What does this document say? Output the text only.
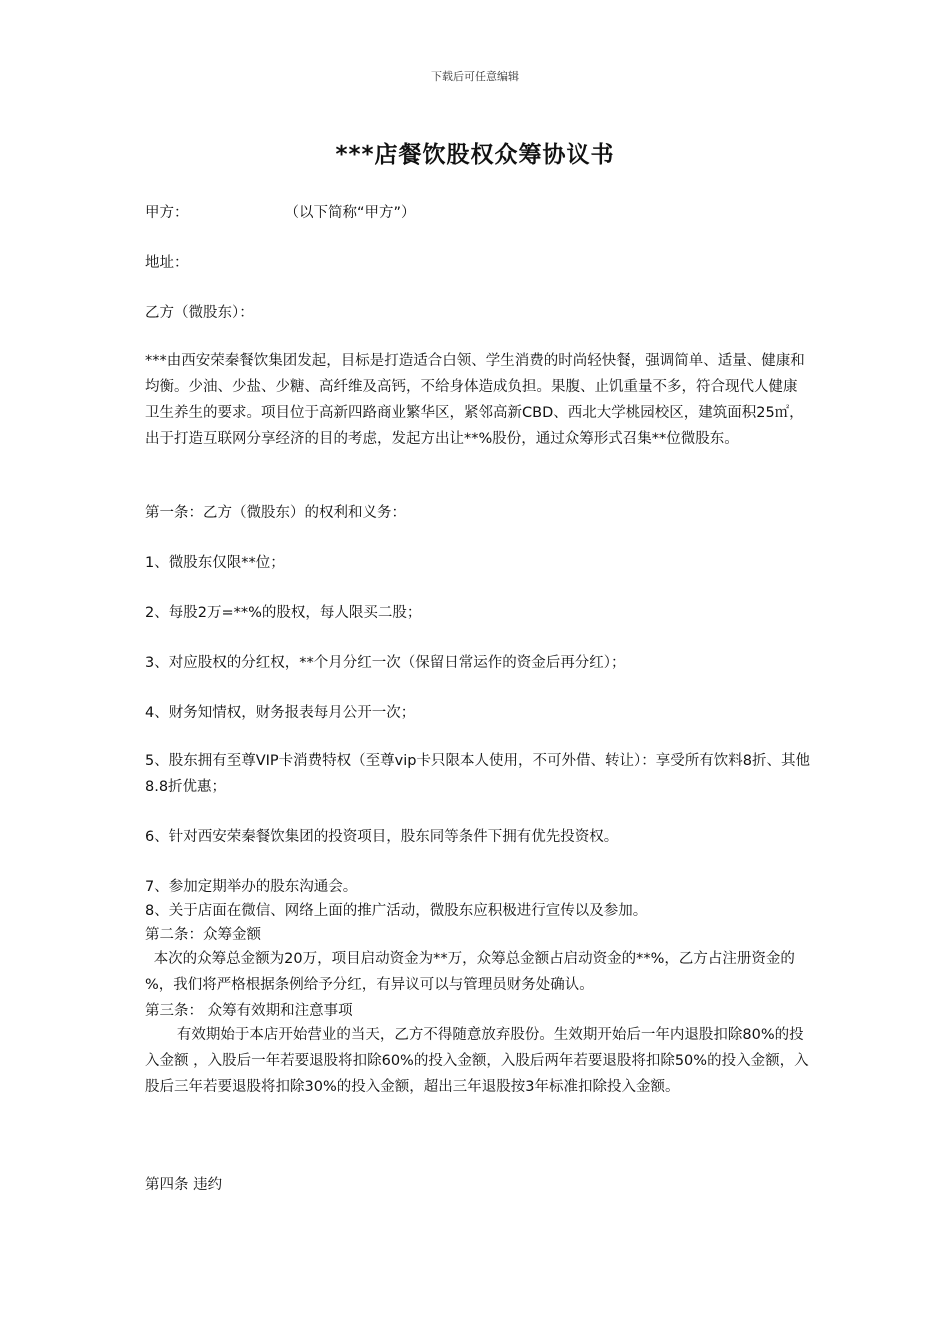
下载后可任意编辑
***店餐饮股权众筹协议书
甲方：	（以下简称“甲方”）
地址：
乙方（微股东）：
***由西安荣秦餐饮集团发起，目标是打造适合白领、学生消费的时尚轻快餐，强调简单、适量、健康和均衡。少油、少盐、少糖、高纤维及高钙，不给身体造成负担。果腹、止饥重量不多，符合现代人健康卫生养生的要求。项目位于高新四路商业繁华区，紧邻高新CBD、西北大学桃园校区，建筑面积25㎡，出于打造互联网分享经济的目的考虑，发起方出让**%股份，通过众筹形式召集**位微股东。
第一条：乙方（微股东）的权利和义务：
1、微股东仅限**位；
2、每股2万=**%的股权，每人限买二股；
3、对应股权的分红权，**个月分红一次（保留日常运作的资金后再分红）；
4、财务知情权，财务报表每月公开一次；
5、股东拥有至尊VIP卡消费特权（至尊vip卡只限本人使用，不可外借、转让）：享受所有饮料8折、其他8.8折优惠；
6、针对西安荣秦餐饮集团的投资项目，股东同等条件下拥有优先投资权。
7、参加定期举办的股东沟通会。
8、关于店面在微信、网络上面的推广活动，微股东应积极进行宣传以及参加。
第二条：众筹金额
本次的众筹总金额为20万，项目启动资金为**万，众筹总金额占启动资金的**%，乙方占注册资金的 %，我们将严格根据条例给予分红，有异议可以与管理员财务处确认。
第三条： 众筹有效期和注意事项
有效期始于本店开始营业的当天，乙方不得随意放弃股份。生效期开始后一年内退股扣除80%的投入金额 ，入股后一年若要退股将扣除60%的投入金额，入股后两年若要退股将扣除50%的投入金额，入股后三年若要退股将扣除30%的投入金额，超出三年退股按3年标准扣除投入金额。
第四条 违约
